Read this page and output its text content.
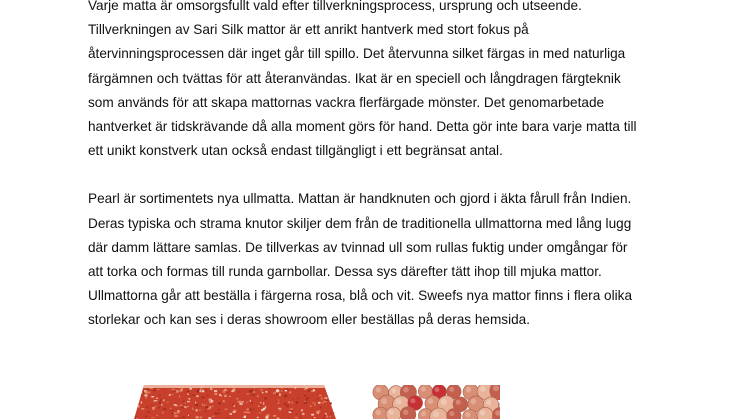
Varje matta är omsorgsfullt vald efter tillverkningsprocess, ursprung och utseende.
Tillverkningen av Sari Silk mattor är ett anrikt hantverk med stort fokus på
återvinningsprocessen där inget går till spillo. Det återvunna silket färgas in med naturliga
färgämnen och tvättas för att återanvändas. Ikat är en speciell och långdragen färgteknik
som används för att skapa mattornas vackra flerfärgade mönster. Det genomarbetade
hantverket är tidskrävande då alla moment görs för hand. Detta gör inte bara varje matta till
ett unikt konstverk utan också endast tillgängligt i ett begränsat antal.

Pearl är sortimentets nya ullmatta. Mattan är handknuten och gjord i äkta fårull från Indien.
Deras typiska och strama knutor skiljer dem från de traditionella ullmattorna med lång lugg
där damm lättare samlas. De tillverkas av tvinnad ull som rullas fuktig under omgångar för
att torka och formas till runda garnbollar. Dessa sys därefter tätt ihop till mjuka mattor.
Ullmattorna går att beställa i färgerna rosa, blå och vit. Sweefs nya mattor finns i flera olika
storlekar och kan ses i deras showroom eller beställas på deras hemsida.
